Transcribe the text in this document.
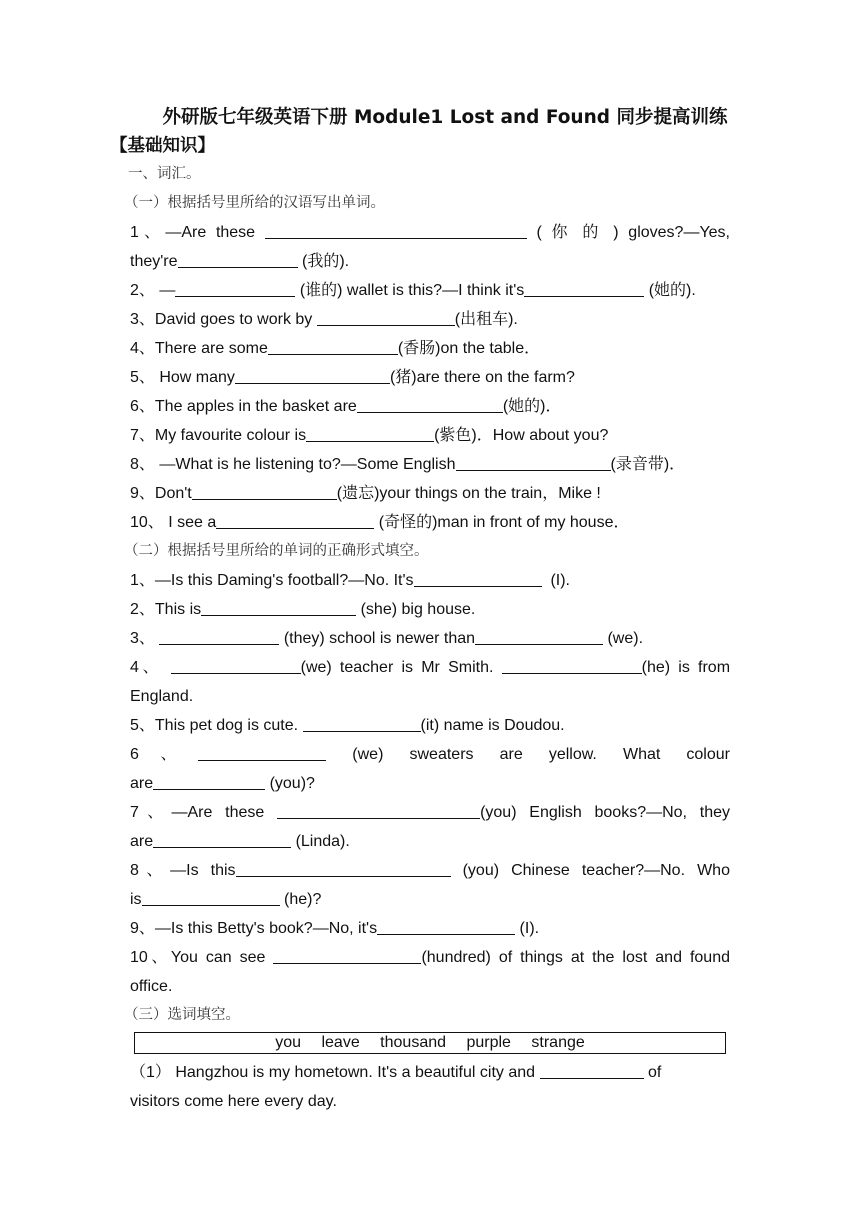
外研版七年级英语下册 Module1 Lost and Found 同步提高训练
【基础知识】
一、词汇。
（一）根据括号里所给的汉语写出单词。
1、—Are these	( 你 的 ) gloves?—Yes,
they're	(我的).
2、 —	(谁的) wallet is this?—I think it's	(她的).
3、David goes to work by	(出租车).
4、There are some	(香肠)on the table．
5、 How many	(猪)are there on the farm?
6、The apples in the basket are	(她的)．
7、My favourite colour is	(紫色)．How about you?
8、 —What is he listening to?—Some English	(录音带)．
9、Don't	(遗忘)your things on the train，Mike !
10、 I see a	(奇怪的)man in front of my house．
（二）根据括号里所给的单词的正确形式填空。
1、—Is this Daming's football?—No. It's	(I).
2、This is	(she) big house.
3、	(they) school is newer than	(we).
4、	(we) teacher is Mr Smith.	(he) is from
England.
5、This pet dog is cute.	(it) name is Doudou.
6、	(we) sweaters are yellow. What colour
are	(you)?
7、—Are these	(you) English books?—No, they
are	(Linda).
8、—Is this	(you) Chinese teacher?—No. Who
is	(he)?
9、—Is this Betty's book?—No, it's	(I).
10、You can see	(hundred) of things at the lost and found
office.
（三）选词填空。
you leave thousand purple strange
（1） Hangzhou is my hometown. It's a beautiful city and	of
visitors come here every day.
